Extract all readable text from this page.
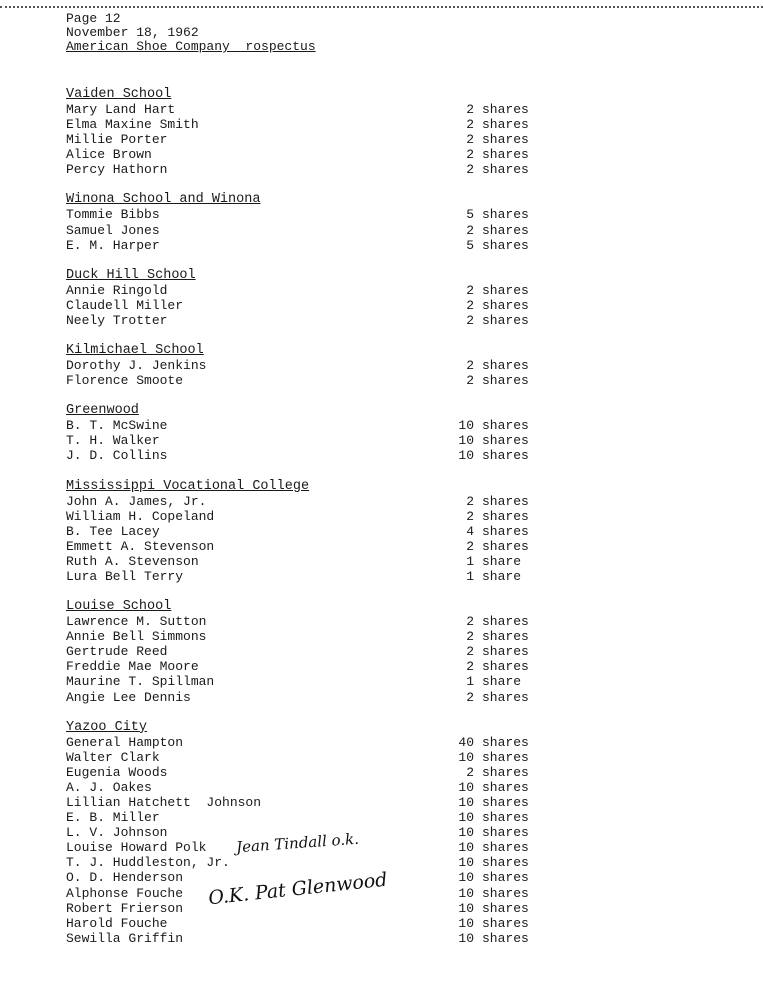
Page 12
November 18, 1962
American Shoe Company  rospectus
Vaiden School
Mary Land Hart	2 shares
Elma Maxine Smith	2 shares
Millie Porter	2 shares
Alice Brown	2 shares
Percy Hathorn	2 shares
Winona School and Winona
Tommie Bibbs	5 shares
Samuel Jones	2 shares
E. M. Harper	5 shares
Duck Hill School
Annie Ringold	2 shares
Claudell Miller	2 shares
Neely Trotter	2 shares
Kilmichael School
Dorothy J. Jenkins	2 shares
Florence Smoote	2 shares
Greenwood
B. T. McSwine	10 shares
T. H. Walker	10 shares
J. D. Collins	10 shares
Mississippi Vocational College
John A. James, Jr.	2 shares
William H. Copeland	2 shares
B. Tee Lacey	4 shares
Emmett A. Stevenson	2 shares
Ruth A. Stevenson	1 share
Lura Bell Terry	1 share
Louise School
Lawrence M. Sutton	2 shares
Annie Bell Simmons	2 shares
Gertrude Reed	2 shares
Freddie Mae Moore	2 shares
Maurine T. Spillman	1 share
Angie Lee Dennis	2 shares
Yazoo City
General Hampton	40 shares
Walter Clark	10 shares
Eugenia Woods	2 shares
A. J. Oakes	10 shares
Lillian Hatchett  Johnson	10 shares
E. B. Miller	10 shares
L. V. Johnson	10 shares
Louise Howard Polk	10 shares
T. J. Huddleston, Jr.	10 shares
O. D. Henderson	10 shares
Alphonse Fouche	10 shares
Robert Frierson	10 shares
Harold Fouche	10 shares
Sewilla Griffin	10 shares
Jean Tindall o.k.
O.K. Pat Glenwood
